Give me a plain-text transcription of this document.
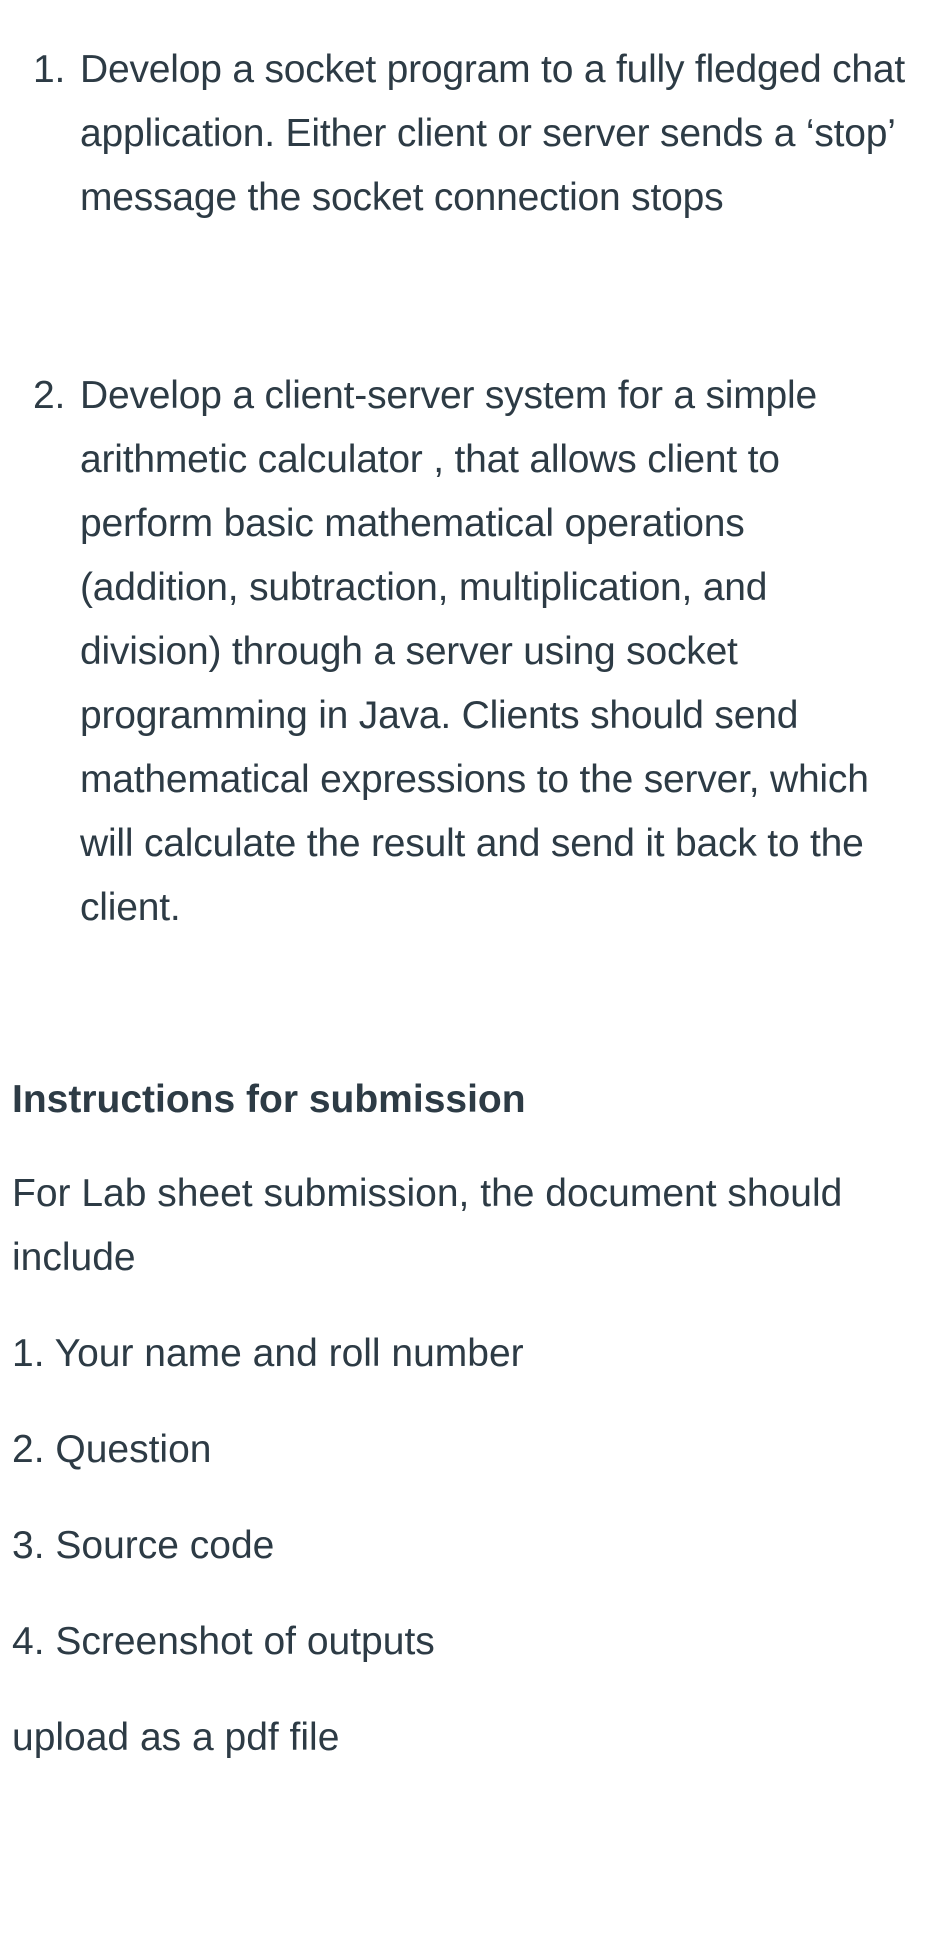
1. Develop a socket program to a fully fledged chat application. Either client or server sends a ‘stop’ message the socket connection stops
2. Develop a client-server system for a simple arithmetic calculator , that allows client to perform basic mathematical operations (addition, subtraction, multiplication, and division) through a server using socket programming in Java. Clients should send mathematical expressions to the server, which will calculate the result and send it back to the client.
Instructions for submission

For Lab sheet submission, the document should include

1. Your name and roll number

2. Question

3. Source code

4. Screenshot of outputs

upload as a pdf file
